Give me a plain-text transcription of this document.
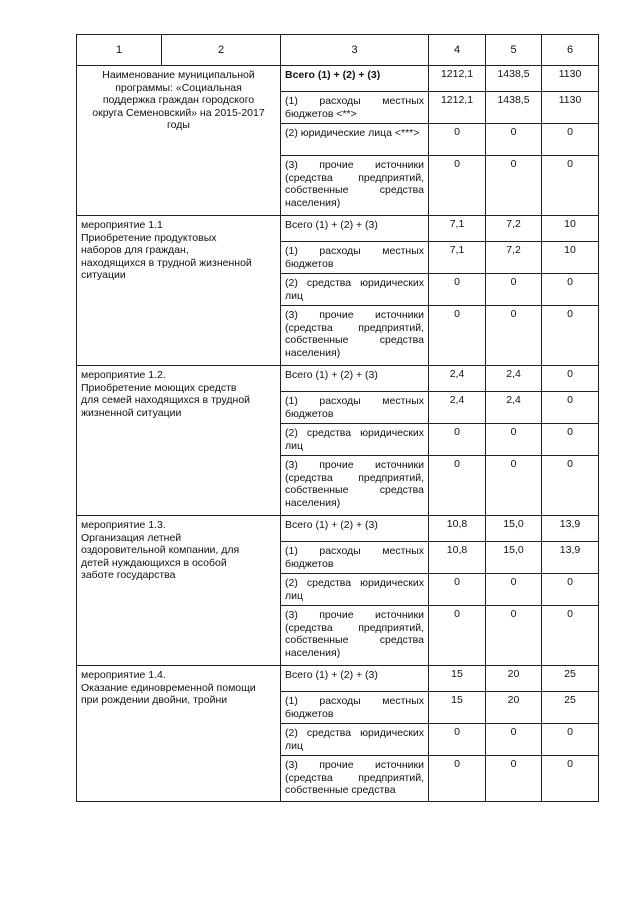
1	2	3	4	5	6

Наименование муниципальной
программы: «Социальная
поддержка граждан городского
округа Семеновский» на 2015-2017
годы		Всего (1) + (2) + (3)	1212,1	1438,5	1130
		(1) расходы местных бюджетов <**>	1212,1	1438,5	1130
		(2) юридические лица <***>	0	0	0
		(3) прочие источники (средства предприятий, собственные средства населения)	0	0	0

мероприятие 1.1
Приобретение продуктовых
наборов для граждан,
находящихся в трудной жизненной
ситуации		Всего (1) + (2) + (3)	7,1	7,2	10
		(1) расходы местных бюджетов	7,1	7,2	10
		(2) средства юридических лиц	0	0	0
		(3) прочие источники (средства предприятий, собственные средства населения)	0	0	0

мероприятие 1.2.
Приобретение моющих средств
для семей находящихся в трудной
жизненной ситуации		Всего (1) + (2) + (3)	2,4	2,4	0
		(1) расходы местных бюджетов	2,4	2,4	0
		(2) средства юридических лиц	0	0	0
		(3) прочие источники (средства предприятий, собственные средства населения)	0	0	0

мероприятие 1.3.
Организация летней
оздоровительной компании, для
детей нуждающихся в особой
заботе государства		Всего (1) + (2) + (3)	10,8	15,0	13,9
		(1) расходы местных бюджетов	10,8	15,0	13,9
		(2) средства юридических лиц	0	0	0
		(3) прочие источники (средства предприятий, собственные средства населения)	0	0	0

мероприятие 1.4.
Оказание единовременной помощи
при рождении двойни, тройни		Всего (1) + (2) + (3)	15	20	25
		(1) расходы местных бюджетов	15	20	25
		(2) средства юридических лиц	0	0	0
		(3) прочие источники (средства предприятий, собственные средства	0	0	0
